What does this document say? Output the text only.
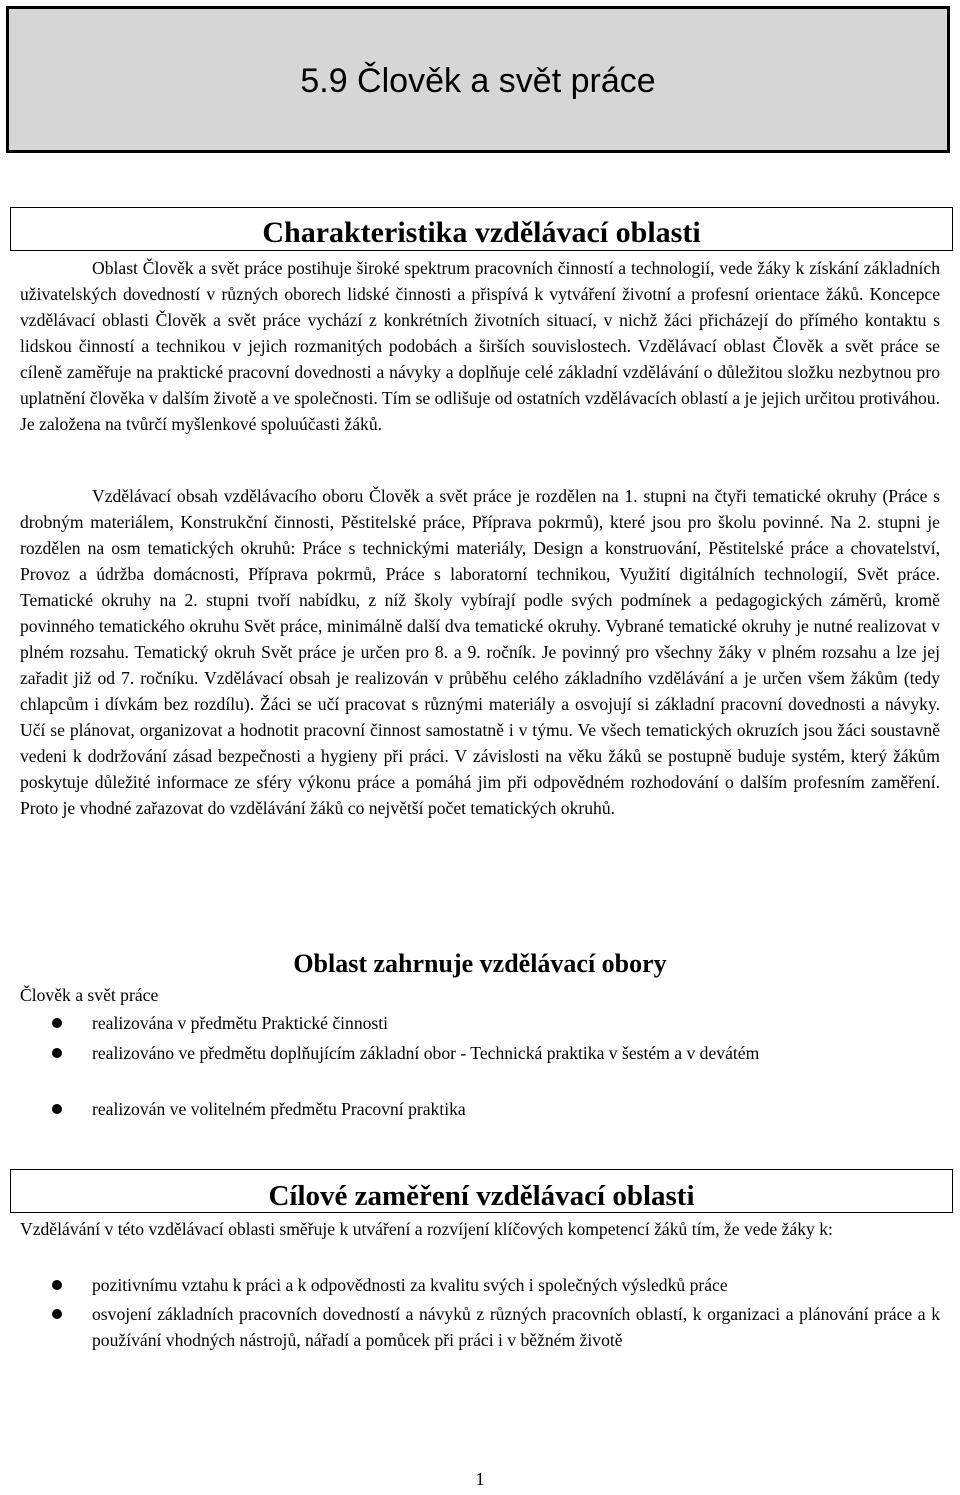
5.9 Člověk a svět práce
Charakteristika vzdělávací oblasti

Oblast Člověk a svět práce postihuje široké spektrum pracovních činností a technologií, vede žáky k získání základních uživatelských dovedností v různých oborech lidské činnosti a přispívá k vytváření životní a profesní orientace žáků. Koncepce vzdělávací oblasti Člověk a svět práce vychází z konkrétních životních situací, v nichž žáci přicházejí do přímého kontaktu s lidskou činností a technikou v jejich rozmanitých podobách a širších souvislostech. Vzdělávací oblast Člověk a svět práce se cíleně zaměřuje na praktické pracovní dovednosti a návyky a doplňuje celé základní vzdělávání o důležitou složku nezbytnou pro uplatnění člověka v dalším životě a ve společnosti. Tím se odlišuje od ostatních vzdělávacích oblastí a je jejich určitou protiváhou. Je založena na tvůrčí myšlenkové spoluúčasti žáků.

Vzdělávací obsah vzdělávacího oboru Člověk a svět práce je rozdělen na 1. stupni na čtyři tematické okruhy (Práce s drobným materiálem, Konstrukční činnosti, Pěstitelské práce, Příprava pokrmů), které jsou pro školu povinné. Na 2. stupni je rozdělen na osm tematických okruhů: Práce s technickými materiály, Design a konstruování, Pěstitelské práce a chovatelství, Provoz a údržba domácnosti, Příprava pokrmů, Práce s laboratorní technikou, Využití digitálních technologií, Svět práce. Tematické okruhy na 2. stupni tvoří nabídku, z níž školy vybírají podle svých podmínek a pedagogických záměrů, kromě povinného tematického okruhu Svět práce, minimálně další dva tematické okruhy. Vybrané tematické okruhy je nutné realizovat v plném rozsahu. Tematický okruh Svět práce je určen pro 8. a 9. ročník. Je povinný pro všechny žáky v plném rozsahu a lze jej zařadit již od 7. ročníku. Vzdělávací obsah je realizován v průběhu celého základního vzdělávání a je určen všem žákům (tedy chlapcům i dívkám bez rozdílu). Žáci se učí pracovat s různými materiály a osvojují si základní pracovní dovednosti a návyky. Učí se plánovat, organizovat a hodnotit pracovní činnost samostatně i v týmu. Ve všech tematických okruzích jsou žáci soustavně vedeni k dodržování zásad bezpečnosti a hygieny při práci. V závislosti na věku žáků se postupně buduje systém, který žákům poskytuje důležité informace ze sféry výkonu práce a pomáhá jim při odpovědném rozhodování o dalším profesním zaměření. Proto je vhodné zařazovat do vzdělávání žáků co největší počet tematických okruhů.

Oblast zahrnuje vzdělávací obory

Člověk a svět práce

realizována v předmětu Praktické činnosti

realizováno ve předmětu doplňujícím základní obor - Technická praktika v šestém a v devátém

realizován ve volitelném předmětu Pracovní praktika

Cílové zaměření vzdělávací oblasti

Vzdělávání v této vzdělávací oblasti směřuje k utváření a rozvíjení klíčových kompetencí žáků tím, že vede žáky k:

pozitivnímu vztahu k práci a k odpovědnosti za kvalitu svých i společných výsledků práce

osvojení základních pracovních dovedností a návyků z různých pracovních oblastí, k organizaci a plánování práce a k používání vhodných nástrojů, nářadí a pomůcek při práci i v běžném životě

1
